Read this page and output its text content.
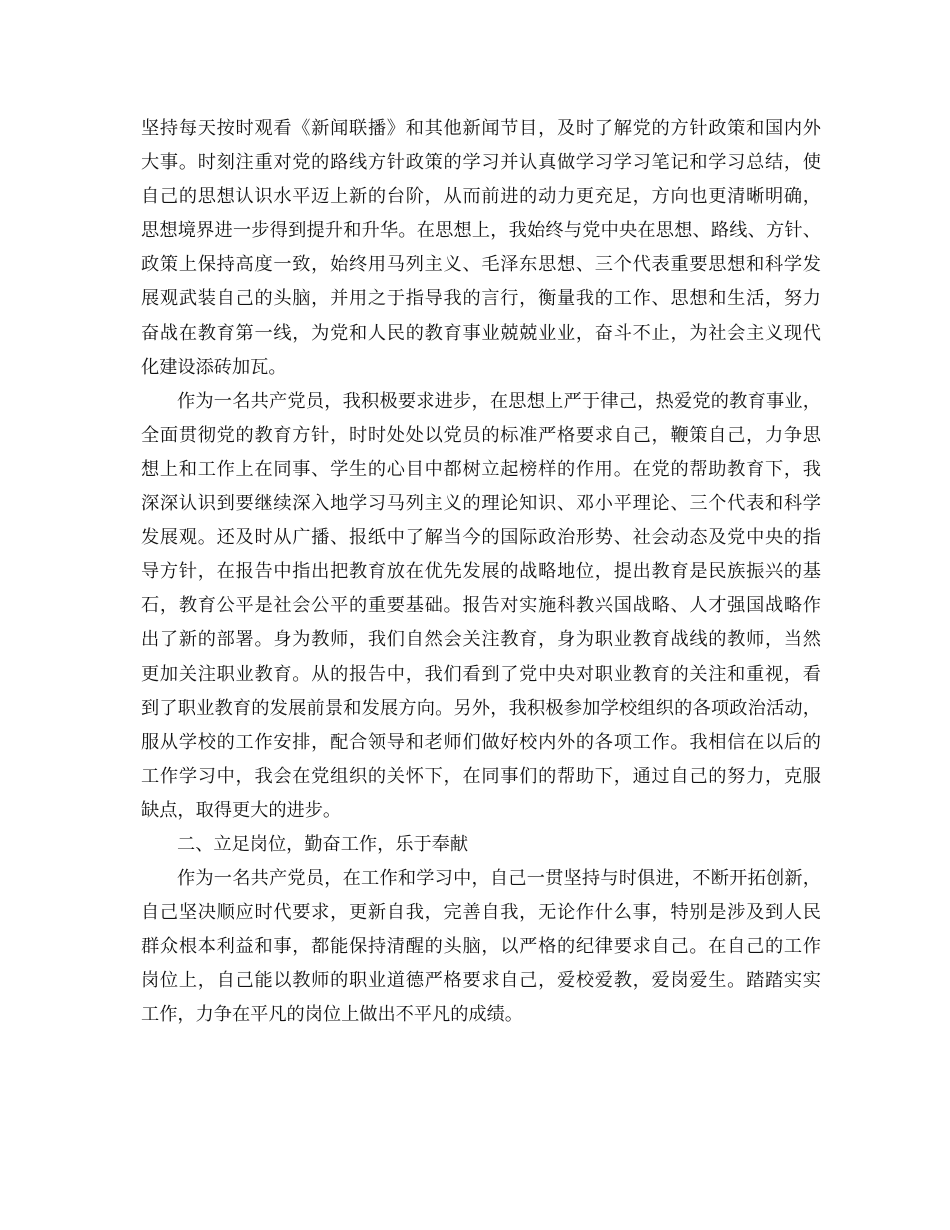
坚持每天按时观看《新闻联播》和其他新闻节目，及时了解党的方针政策和国内外
大事。时刻注重对党的路线方针政策的学习并认真做学习学习笔记和学习总结，使
自己的思想认识水平迈上新的台阶，从而前进的动力更充足，方向也更清晰明确，
思想境界进一步得到提升和升华。在思想上，我始终与党中央在思想、路线、方针、
政策上保持高度一致，始终用马列主义、毛泽东思想、三个代表重要思想和科学发
展观武装自己的头脑，并用之于指导我的言行，衡量我的工作、思想和生活，努力
奋战在教育第一线，为党和人民的教育事业兢兢业业，奋斗不止，为社会主义现代
化建设添砖加瓦。
作为一名共产党员，我积极要求进步，在思想上严于律己，热爱党的教育事业，
全面贯彻党的教育方针，时时处处以党员的标准严格要求自己，鞭策自己，力争思
想上和工作上在同事、学生的心目中都树立起榜样的作用。在党的帮助教育下，我
深深认识到要继续深入地学习马列主义的理论知识、邓小平理论、三个代表和科学
发展观。还及时从广播、报纸中了解当今的国际政治形势、社会动态及党中央的指
导方针，在报告中指出把教育放在优先发展的战略地位，提出教育是民族振兴的基
石，教育公平是社会公平的重要基础。报告对实施科教兴国战略、人才强国战略作
出了新的部署。身为教师，我们自然会关注教育，身为职业教育战线的教师，当然
更加关注职业教育。从的报告中，我们看到了党中央对职业教育的关注和重视，看
到了职业教育的发展前景和发展方向。另外，我积极参加学校组织的各项政治活动，
服从学校的工作安排，配合领导和老师们做好校内外的各项工作。我相信在以后的
工作学习中，我会在党组织的关怀下，在同事们的帮助下，通过自己的努力，克服
缺点，取得更大的进步。
二、立足岗位，勤奋工作，乐于奉献
作为一名共产党员，在工作和学习中，自己一贯坚持与时俱进，不断开拓创新，
自己坚决顺应时代要求，更新自我，完善自我，无论作什么事，特别是涉及到人民
群众根本利益和事，都能保持清醒的头脑，以严格的纪律要求自己。在自己的工作
岗位上，自己能以教师的职业道德严格要求自己，爱校爱教，爱岗爱生。踏踏实实
工作，力争在平凡的岗位上做出不平凡的成绩。
